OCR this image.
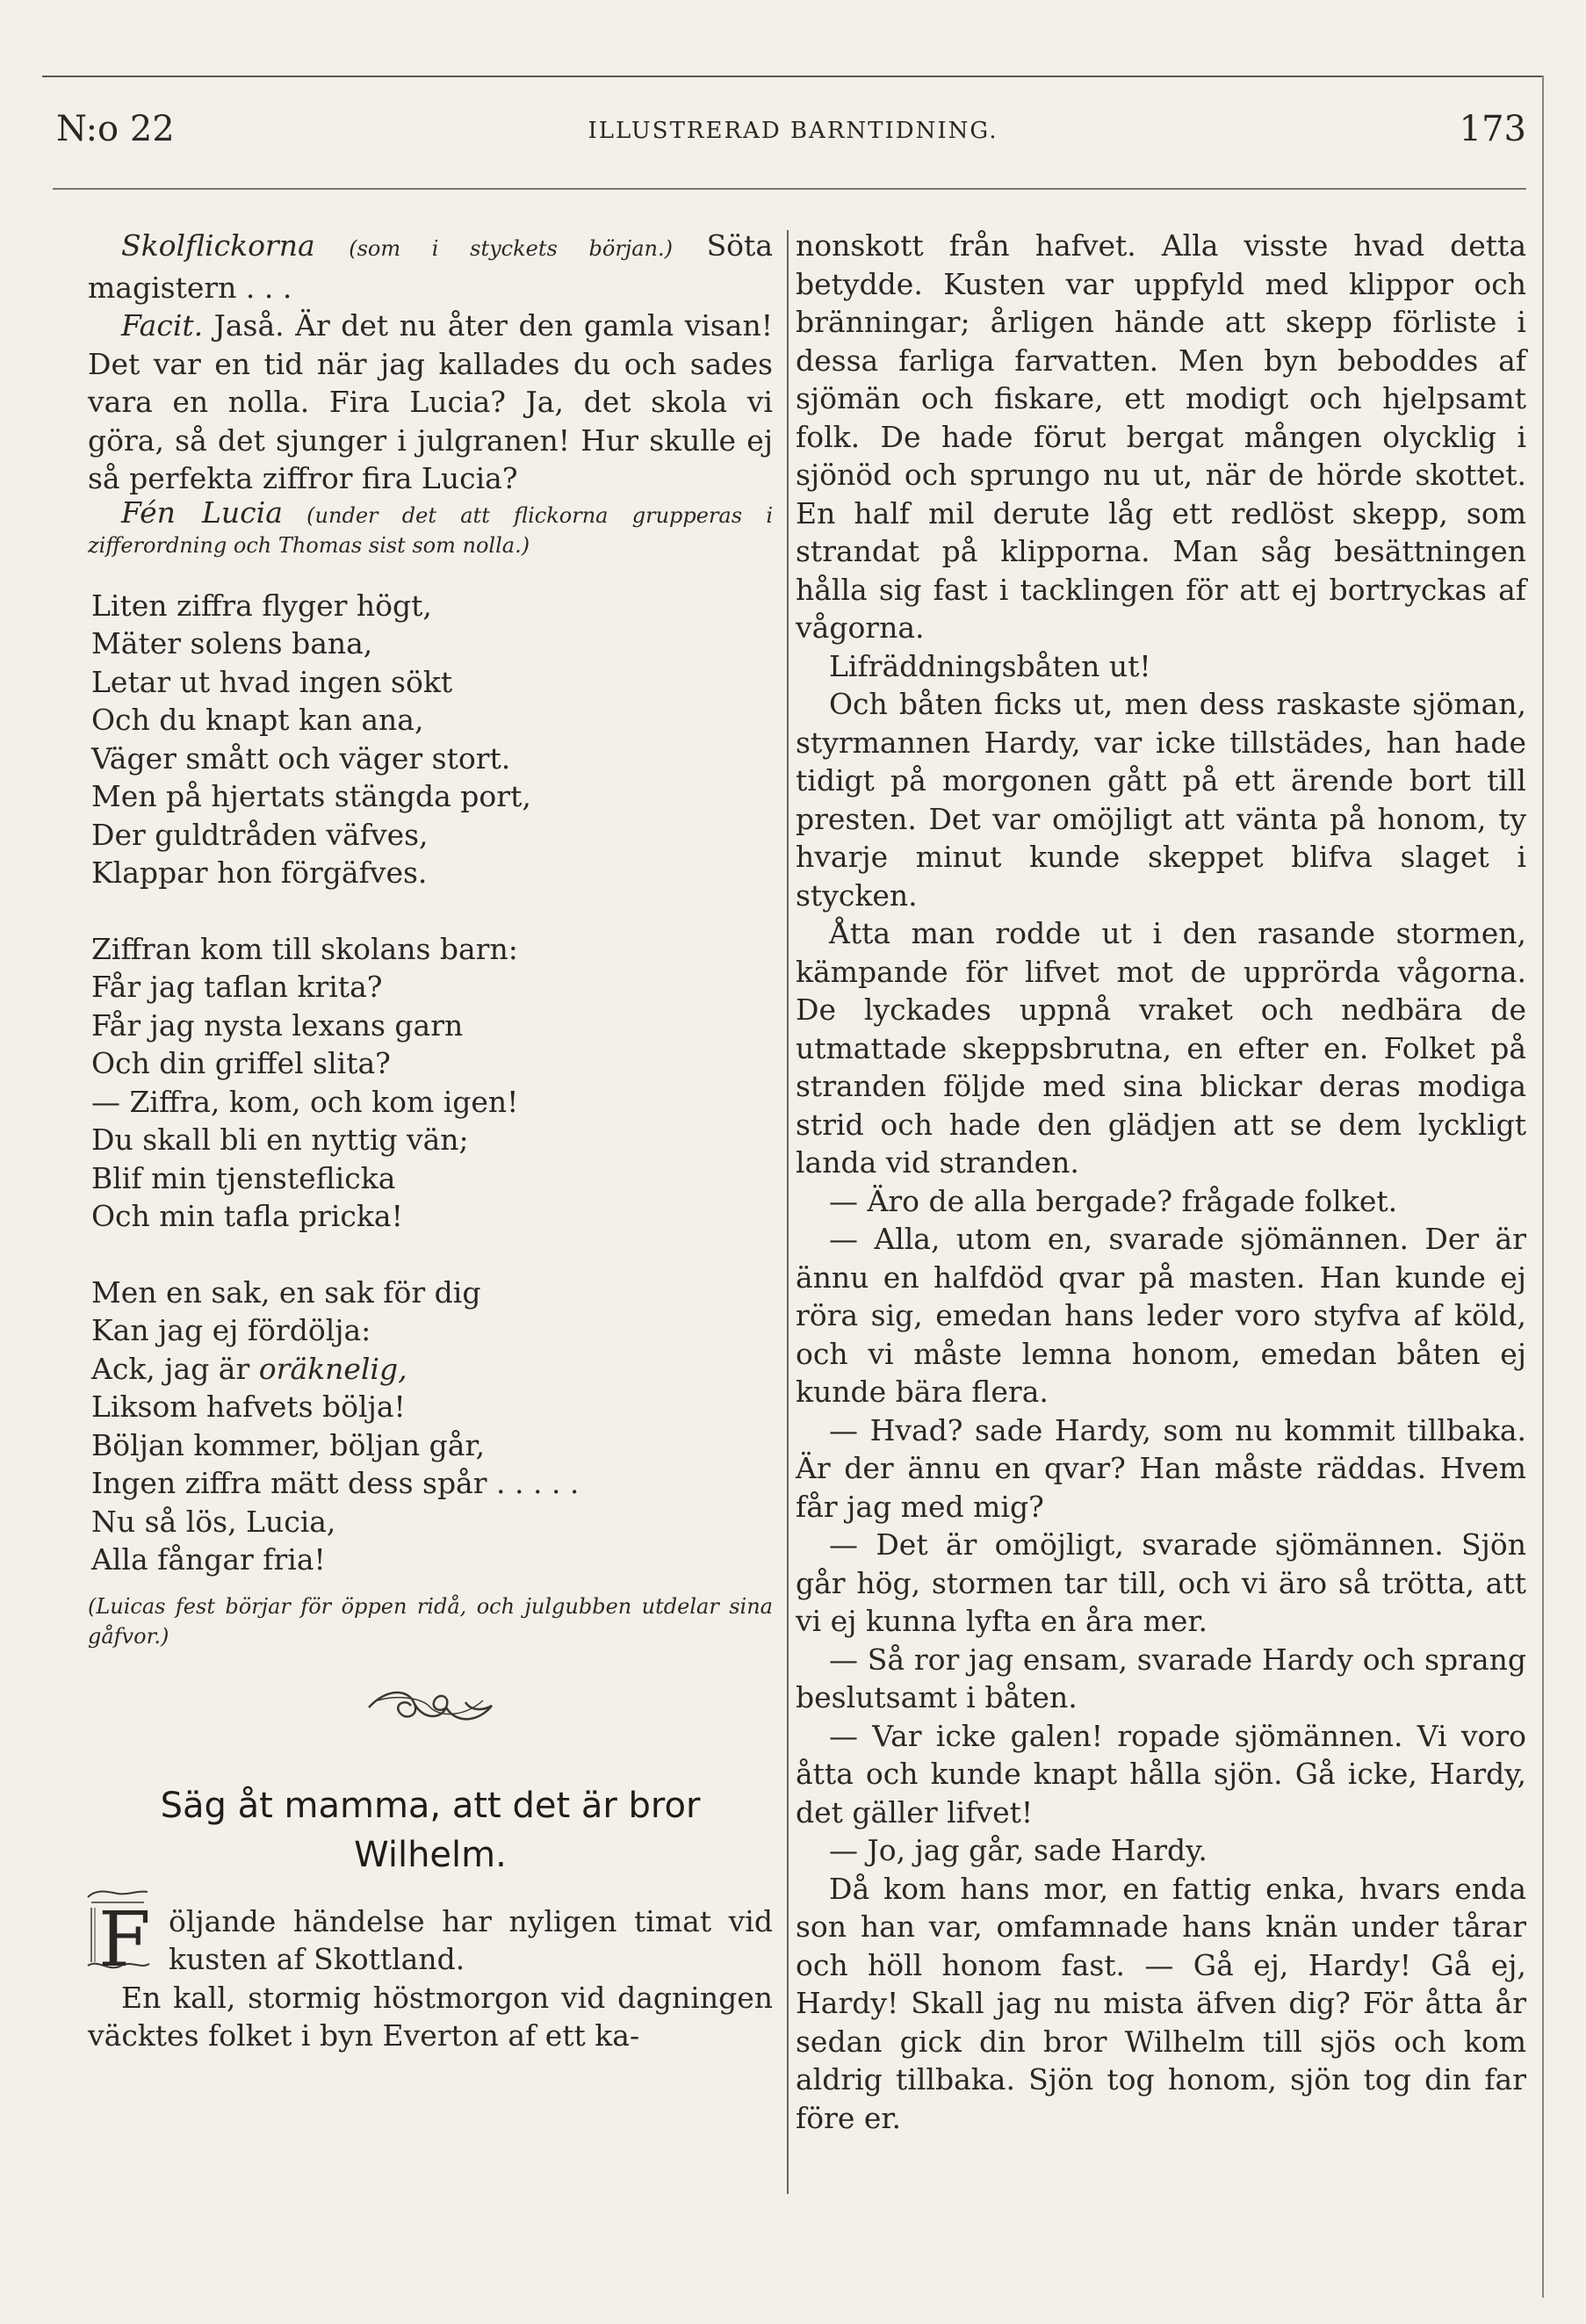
N:o 22	ILLUSTRERAD BARNTIDNING.	173

Skolflickorna (som i styckets början.) Söta magistern . . .

Facit. Jaså. Är det nu åter den gamla visan! Det var en tid när jag kallades du och sades vara en nolla. Fira Lucia? Ja, det skola vi göra, så det sjunger i julgranen! Hur skulle ej så perfekta ziffror fira Lucia?

Fén Lucia (under det att flickorna grupperas i zifferordning och Thomas sist som nolla.)

Liten ziffra flyger högt,
Mäter solens bana,
Letar ut hvad ingen sökt
Och du knapt kan ana,
Väger smått och väger stort.
Men på hjertats stängda port,
Der guldtråden väfves,
Klappar hon förgäfves.
Ziffran kom till skolans barn:
Får jag taflan krita?
Får jag nysta lexans garn
Och din griffel slita?
— Ziffra, kom, och kom igen!
Du skall bli en nyttig vän;
Blif min tjensteflicka
Och min tafla pricka!
Men en sak, en sak för dig
Kan jag ej fördölja:
Ack, jag är oräknelig,
Liksom hafvets bölja!
Böljan kommer, böljan går,
Ingen ziffra mätt dess spår . . . . .
Nu så lös, Lucia,
Alla fångar fria!

(Luicas fest börjar för öppen ridå, och julgubben utdelar sina gåfvor.)

Säg åt mamma, att det är bror Wilhelm.
F öljande händelse har nyligen timat vid kusten af Skottland.

En kall, stormig höstmorgon vid dagningen väcktes folket i byn Everton af ett ka-

nonskott från hafvet. Alla visste hvad detta betydde. Kusten var uppfyld med klippor och bränningar; årligen hände att skepp förliste i dessa farliga farvatten. Men byn beboddes af sjömän och fiskare, ett modigt och hjelpsamt folk. De hade förut bergat mången olycklig i sjönöd och sprungo nu ut, när de hörde skottet. En half mil derute låg ett redlöst skepp, som strandat på klipporna. Man såg besättningen hålla sig fast i tacklingen för att ej bortryckas af vågorna.

Lifräddningsbåten ut!

Och båten ficks ut, men dess raskaste sjöman, styrmannen Hardy, var icke tillstädes, han hade tidigt på morgonen gått på ett ärende bort till presten. Det var omöjligt att vänta på honom, ty hvarje minut kunde skeppet blifva slaget i stycken.

Åtta man rodde ut i den rasande stormen, kämpande för lifvet mot de upprörda vågorna. De lyckades uppnå vraket och nedbära de utmattade skeppsbrutna, en efter en. Folket på stranden följde med sina blickar deras modiga strid och hade den glädjen att se dem lyckligt landa vid stranden.

— Äro de alla bergade? frågade folket.

— Alla, utom en, svarade sjömännen. Der är ännu en halfdöd qvar på masten. Han kunde ej röra sig, emedan hans leder voro styfva af köld, och vi måste lemna honom, emedan båten ej kunde bära flera.

— Hvad? sade Hardy, som nu kommit tillbaka. Är der ännu en qvar? Han måste räddas. Hvem får jag med mig?

— Det är omöjligt, svarade sjömännen. Sjön går hög, stormen tar till, och vi äro så trötta, att vi ej kunna lyfta en åra mer.

— Så ror jag ensam, svarade Hardy och sprang beslutsamt i båten.

— Var icke galen! ropade sjömännen. Vi voro åtta och kunde knapt hålla sjön. Gå icke, Hardy, det gäller lifvet!

— Jo, jag går, sade Hardy.

Då kom hans mor, en fattig enka, hvars enda son han var, omfamnade hans knän under tårar och höll honom fast. — Gå ej, Hardy! Gå ej, Hardy! Skall jag nu mista äfven dig? För åtta år sedan gick din bror Wilhelm till sjös och kom aldrig tillbaka. Sjön tog honom, sjön tog din far före er.
